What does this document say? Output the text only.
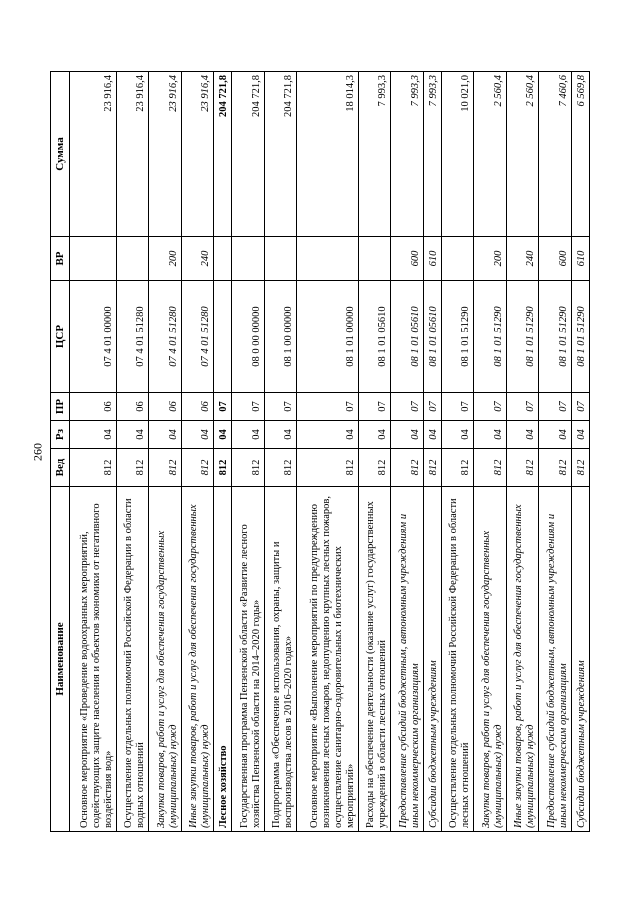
260
Наименование	Вед	Рз	ПР	ЦСР	ВР	Сумма
Основное мероприятие «Проведение водоохранных мероприятий, содействующих защите населения и объектов экономики от негативного воздействия вод»	812	04	06	07 4 01 00000		23 916,4
Осуществление отдельных полномочий Российской Федерации в области водных отношений	812	04	06	07 4 01 51280		23 916,4
Закупка товаров, работ и услуг для обеспечения государственных (муниципальных) нужд	812	04	06	07 4 01 51280	200	23 916,4
Иные закупки товаров, работ и услуг для обеспечения государственных (муниципальных) нужд	812	04	06	07 4 01 51280	240	23 916,4
Лесное хозяйство	812	04	07			204 721,8
Государственная программа Пензенской области «Развитие лесного хозяйства Пензенской области на 2014–2020 годы»	812	04	07	08 0 00 00000		204 721,8
Подпрограмма «Обеспечение использования, охраны, защиты и воспроизводства лесов в 2016–2020 годах»	812	04	07	08 1 00 00000		204 721,8
Основное мероприятие «Выполнение мероприятий по предупреждению возникновения лесных пожаров, недопущению крупных лесных пожаров, осуществление санитарно-оздоровительных и биотехнических мероприятий»	812	04	07	08 1 01 00000		18 014,3
Расходы на обеспечение деятельности (оказание услуг) государственных учреждений в области лесных отношений	812	04	07	08 1 01 05610		7 993,3
Предоставление субсидий бюджетным, автономным учреждениям и иным некоммерческим организациям	812	04	07	08 1 01 05610	600	7 993,3
Субсидии бюджетным учреждениям	812	04	07	08 1 01 05610	610	7 993,3
Осуществление отдельных полномочий Российской Федерации в области лесных отношений	812	04	07	08 1 01 51290		10 021,0
Закупка товаров, работ и услуг для обеспечения государственных (муниципальных) нужд	812	04	07	08 1 01 51290	200	2 560,4
Иные закупки товаров, работ и услуг для обеспечения государственных (муниципальных) нужд	812	04	07	08 1 01 51290	240	2 560,4
Предоставление субсидий бюджетным, автономным учреждениям и иным некоммерческим организациям	812	04	07	08 1 01 51290	600	7 460,6
Субсидии бюджетным учреждениям	812	04	07	08 1 01 51290	610	6 569,8
